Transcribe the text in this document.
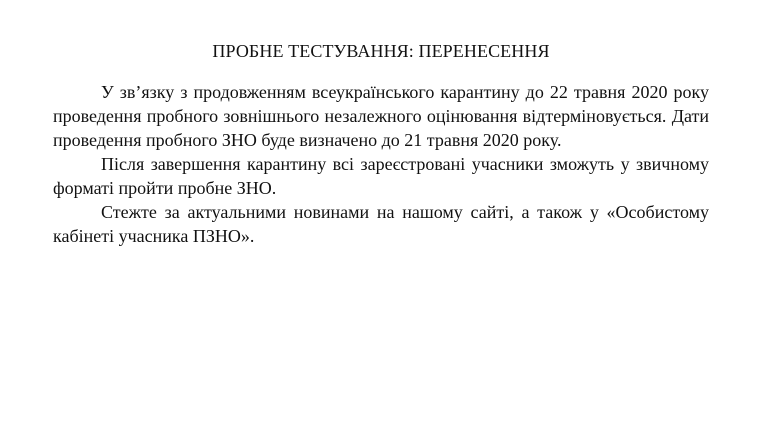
ПРОБНЕ ТЕСТУВАННЯ: ПЕРЕНЕСЕННЯ

У зв’язку з продовженням всеукраїнського карантину до 22 травня 2020 року проведення пробного зовнішнього незалежного оцінювання відтерміновується. Дати проведення пробного ЗНО буде визначено до 21 травня 2020 року.

Після завершення карантину всі зареєстровані учасники зможуть у звичному форматі пройти пробне ЗНО.

Стежте за актуальними новинами на нашому сайті, а також у «Особистому кабінеті учасника ПЗНО».
